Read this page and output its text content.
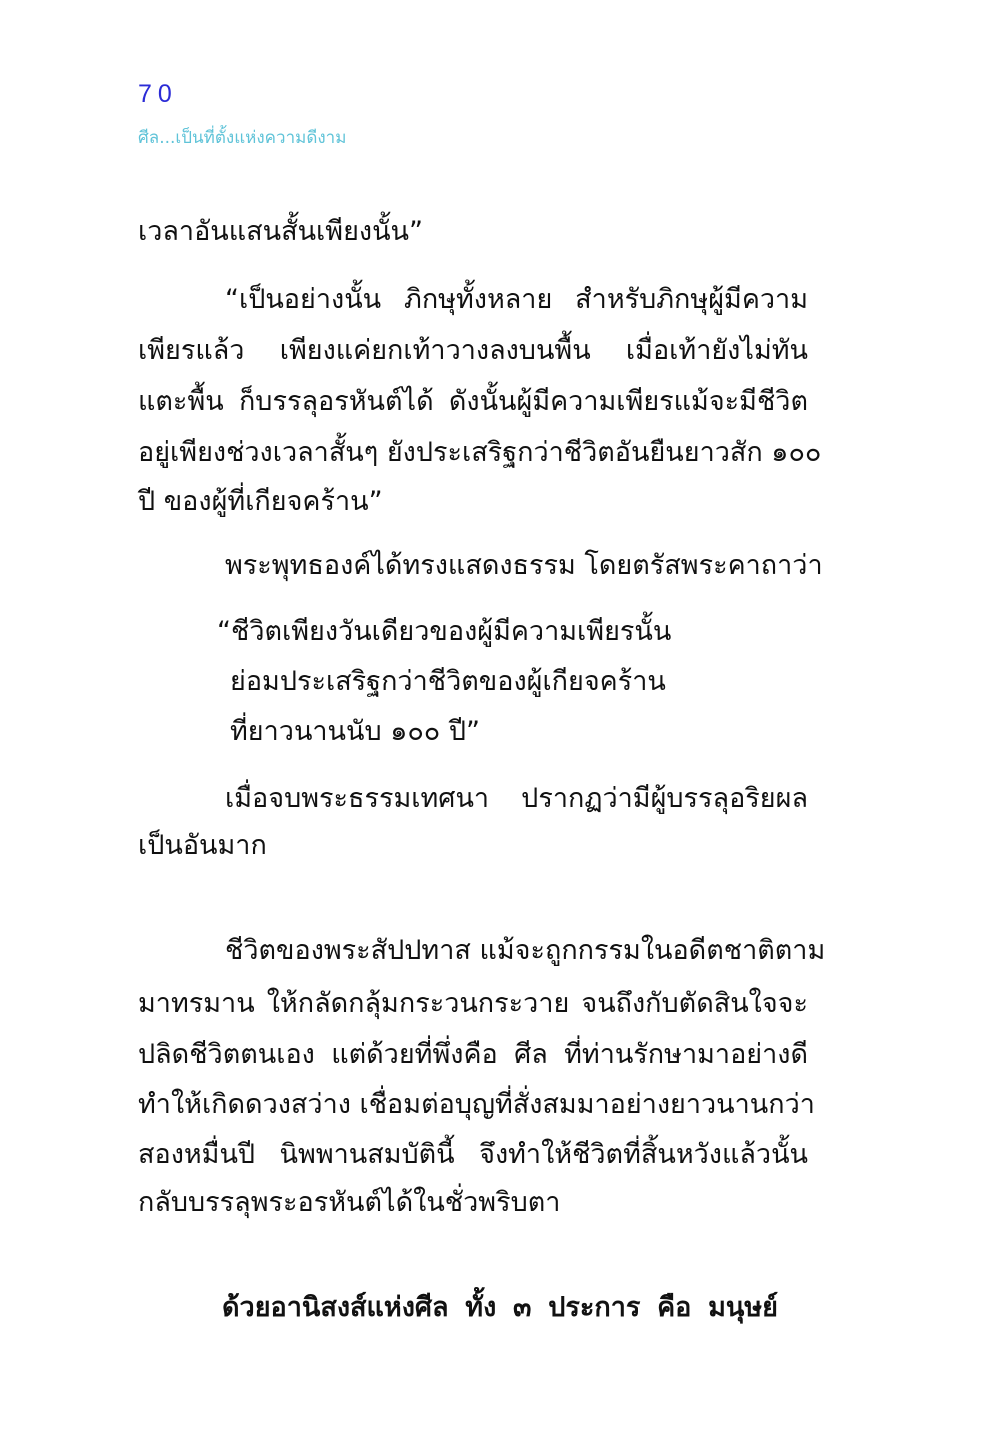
70
ศีล...เป็นที่ตั้งแห่งความดีงาม
เวลาอันแสนสั้นเพียงนั้น”
“เป็นอย่างนั้น ภิกษุทั้งหลาย สำหรับภิกษุผู้มีความ
เพียรแล้ว เพียงแค่ยกเท้าวางลงบนพื้น เมื่อเท้ายังไม่ทัน
แตะพื้น ก็บรรลุอรหันต์ได้ ดังนั้นผู้มีความเพียรแม้จะมีชีวิต
อยู่เพียงช่วงเวลาสั้นๆ ยังประเสริฐกว่าชีวิตอันยืนยาวสัก ๑๐๐
ปี ของผู้ที่เกียจคร้าน”
พระพุทธองค์ได้ทรงแสดงธรรม โดยตรัสพระคาถาว่า
“ชีวิตเพียงวันเดียวของผู้มีความเพียรนั้น
ย่อมประเสริฐกว่าชีวิตของผู้เกียจคร้าน
ที่ยาวนานนับ ๑๐๐ ปี”
เมื่อจบพระธรรมเทศนา ปรากฏว่ามีผู้บรรลุอริยผล
เป็นอันมาก
ชีวิตของพระสัปปทาส แม้จะถูกกรรมในอดีตชาติตาม
มาทรมาน ให้กลัดกลุ้มกระวนกระวาย จนถึงกับตัดสินใจจะ
ปลิดชีวิตตนเอง แต่ด้วยที่พึ่งคือ ศีล ที่ท่านรักษามาอย่างดี
ทำให้เกิดดวงสว่าง เชื่อมต่อบุญที่สั่งสมมาอย่างยาวนานกว่า
สองหมื่นปี นิพพานสมบัตินี้ จึงทำให้ชีวิตที่สิ้นหวังแล้วนั้น
กลับบรรลุพระอรหันต์ได้ในชั่วพริบตา
ด้วยอานิสงส์แห่งศีล ทั้ง ๓ ประการ คือ มนุษย์
